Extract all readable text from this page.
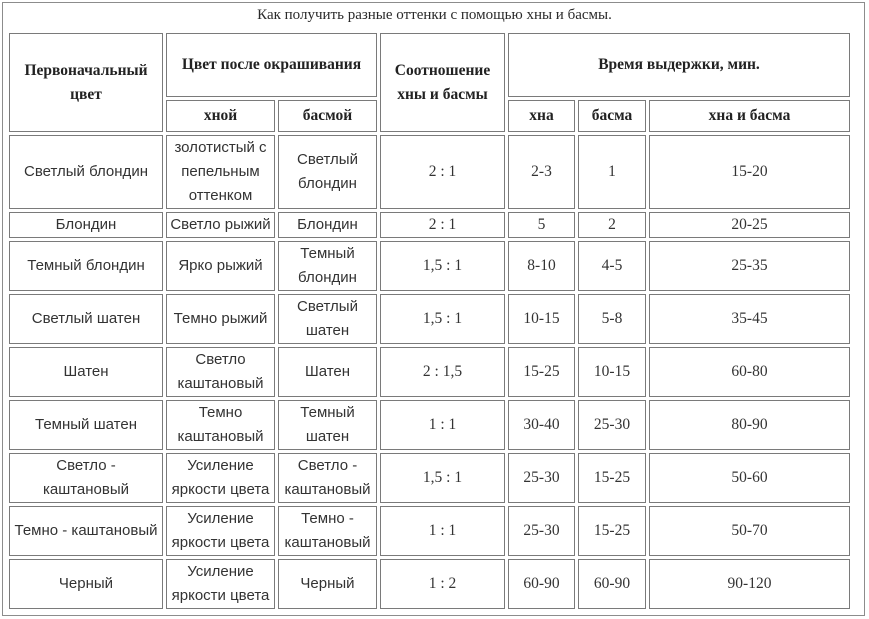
Как получить разные оттенки с помощью хны и басмы.
Первоначальный цвет	Цвет после окрашивания		Соотношение хны и басмы	Время выдержки, мин.		
	хной	басмой		хна	басма	хна и басма
Светлый блондин	золотистый с пепельным оттенком	Светлый блондин	2 : 1	2-3	1	15-20
Блондин	Светло рыжий	Блондин	2 : 1	5	2	20-25
Темный блондин	Ярко рыжий	Темный блондин	1,5 : 1	8-10	4-5	25-35
Светлый шатен	Темно рыжий	Светлый шатен	1,5 : 1	10-15	5-8	35-45
Шатен	Светло каштановый	Шатен	2 : 1,5	15-25	10-15	60-80
Темный шатен	Темно каштановый	Темный шатен	1 : 1	30-40	25-30	80-90
Светло - каштановый	Усиление яркости цвета	Светло - каштановый	1,5 : 1	25-30	15-25	50-60
Темно - каштановый	Усиление яркости цвета	Темно - каштановый	1 : 1	25-30	15-25	50-70
Черный	Усиление яркости цвета	Черный	1 : 2	60-90	60-90	90-120
